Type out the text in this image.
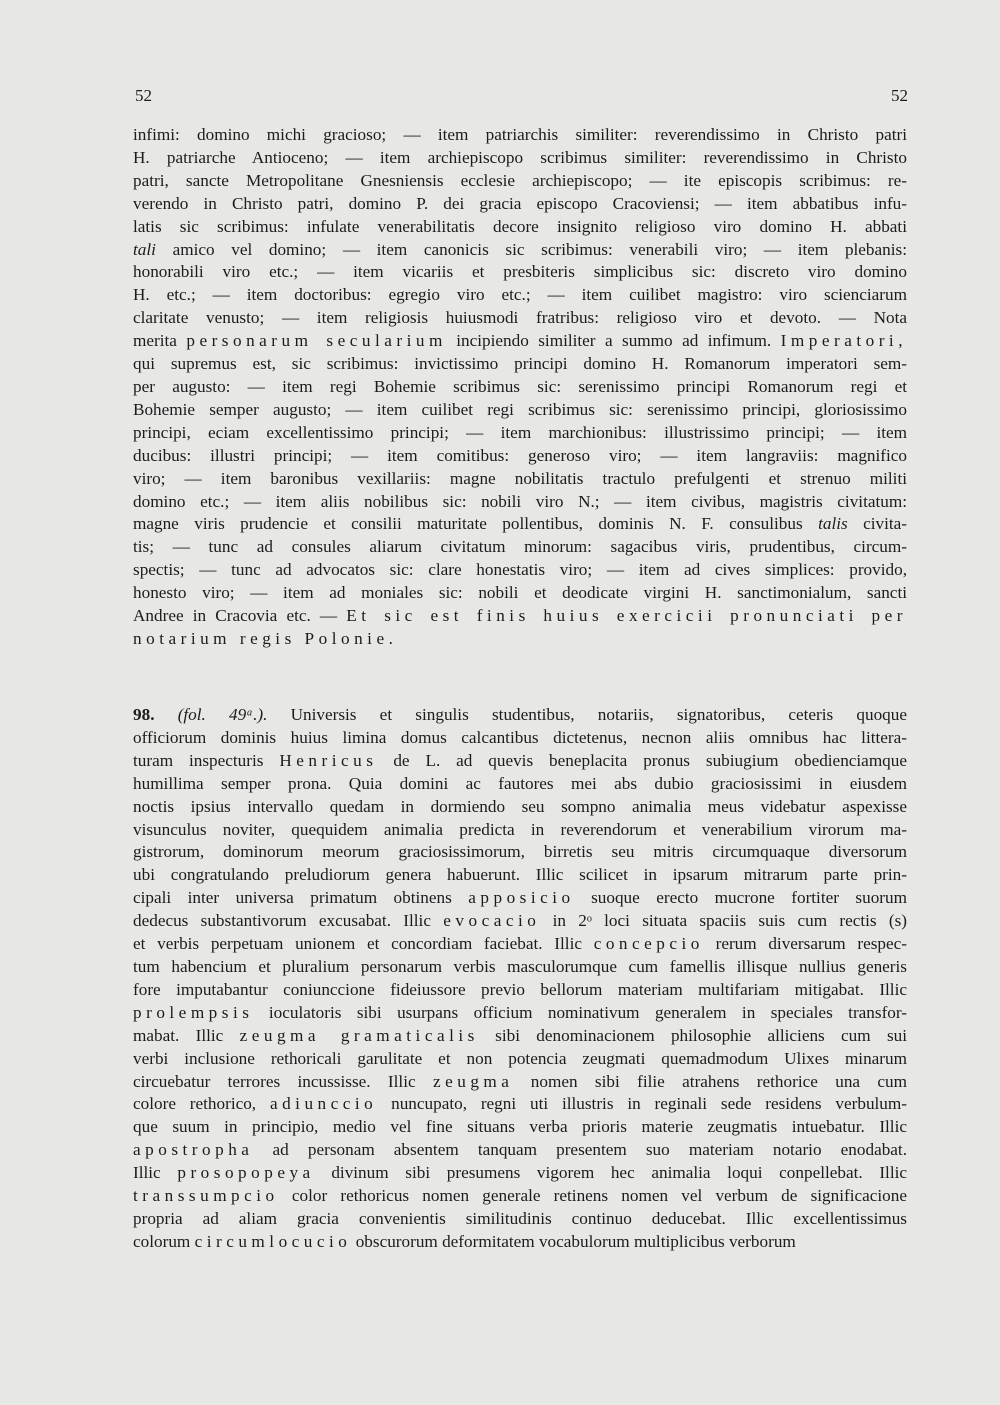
52	52
infimi: domino michi gracioso; — item patriarchis similiter: reverendissimo in Christo patri
H. patriarche Antioceno; — item archiepiscopo scribimus similiter: reverendissimo in Christo
patri, sancte Metropolitane Gnesniensis ecclesie archiepiscopo; — ite episcopis scribimus: re-
verendo in Christo patri, domino P. dei gracia episcopo Cracoviensi; — item abbatibus infu-
latis sic scribimus: infulate venerabilitatis decore insignito religioso viro domino H. abbati
tali amico vel domino; — item canonicis sic scribimus: venerabili viro; — item plebanis:
honorabili viro etc.; — item vicariis et presbiteris simplicibus sic: discreto viro domino
H. etc.; — item doctoribus: egregio viro etc.; — item cuilibet magistro: viro scienciarum
claritate venusto; — item religiosis huiusmodi fratribus: religioso viro et devoto. — Nota
merita personarum secularium incipiendo similiter a summo ad infimum. Imperatori,
qui supremus est, sic scribimus: invictissimo principi domino H. Romanorum imperatori sem-
per augusto: — item regi Bohemie scribimus sic: serenissimo principi Romanorum regi et
Bohemie semper augusto; — item cuilibet regi scribimus sic: serenissimo principi, gloriosissimo
principi, eciam excellentissimo principi; — item marchionibus: illustrissimo principi; — item
ducibus: illustri principi; — item comitibus: generoso viro; — item langraviis: magnifico
viro; — item baronibus vexillariis: magne nobilitatis tractulo prefulgenti et strenuo militi
domino etc.; — item aliis nobilibus sic: nobili viro N.; — item civibus, magistris civitatum:
magne viris prudencie et consilii maturitate pollentibus, dominis N. F. consulibus talis civita-
tis; — tunc ad consules aliarum civitatum minorum: sagacibus viris, prudentibus, circum-
spectis; — tunc ad advocatos sic: clare honestatis viro; — item ad cives simplices: provido,
honesto viro; — item ad moniales sic: nobili et deodicate virgini H. sanctimonialum, sancti
Andree in Cracovia etc. — Et sic est finis huius exercicii pronunciati per
notarium regis Polonie.
98. (fol. 49ᵃ.). Universis et singulis studentibus, notariis, signatoribus, ceteris quoque
officiorum dominis huius limina domus calcantibus dictetenus, necnon aliis omnibus hac littera-
turam inspecturis Henricus de L. ad quevis beneplacita pronus subiugium obedienciamque
humillima semper prona. Quia domini ac fautores mei abs dubio graciosissimi in eiusdem
noctis ipsius intervallo quedam in dormiendo seu sompno animalia meus videbatur aspexisse
visunculus noviter, quequidem animalia predicta in reverendorum et venerabilium virorum ma-
gistrorum, dominorum meorum graciosissimorum, birretis seu mitris circumquaque diversorum
ubi congratulando preludiorum genera habuerunt. Illic scilicet in ipsarum mitrarum parte prin-
cipali inter universa primatum obtinens apposicio suoque erecto mucrone fortiter suorum
dedecus substantivorum excusabat. Illic evocacio in 2ᵒ loci situata spaciis suis cum rectis (s)
et verbis perpetuam unionem et concordiam faciebat. Illic concepcio rerum diversarum respec-
tum habencium et pluralium personarum verbis masculorumque cum famellis illisque nullius generis
fore imputabantur coniunccione fideiussore previo bellorum materiam multifariam mitigabat. Illic
prolempsis ioculatoris sibi usurpans officium nominativum generalem in speciales transfor-
mabat. Illic zeugma gramaticalis sibi denominacionem philosophie alliciens cum sui
verbi inclusione rethoricali garulitate et non potencia zeugmati quemadmodum Ulixes minarum
circuebatur terrores incussisse. Illic zeugma nomen sibi filie atrahens rethorice una cum
colore rethorico, adiunccio nuncupato, regni uti illustris in reginali sede residens verbulum-
que suum in principio, medio vel fine situans verba prioris materie zeugmatis intuebatur. Illic
apostropha ad personam absentem tanquam presentem suo materiam notario enodabat.
Illic prosopopeya divinum sibi presumens vigorem hec animalia loqui conpellebat. Illic
transsumpcio color rethoricus nomen generale retinens nomen vel verbum de significacione
propria ad aliam gracia convenientis similitudinis continuo deducebat. Illic excellentissimus
colorum circumlocucio obscurorum deformitatem vocabulorum multiplicibus verborum
